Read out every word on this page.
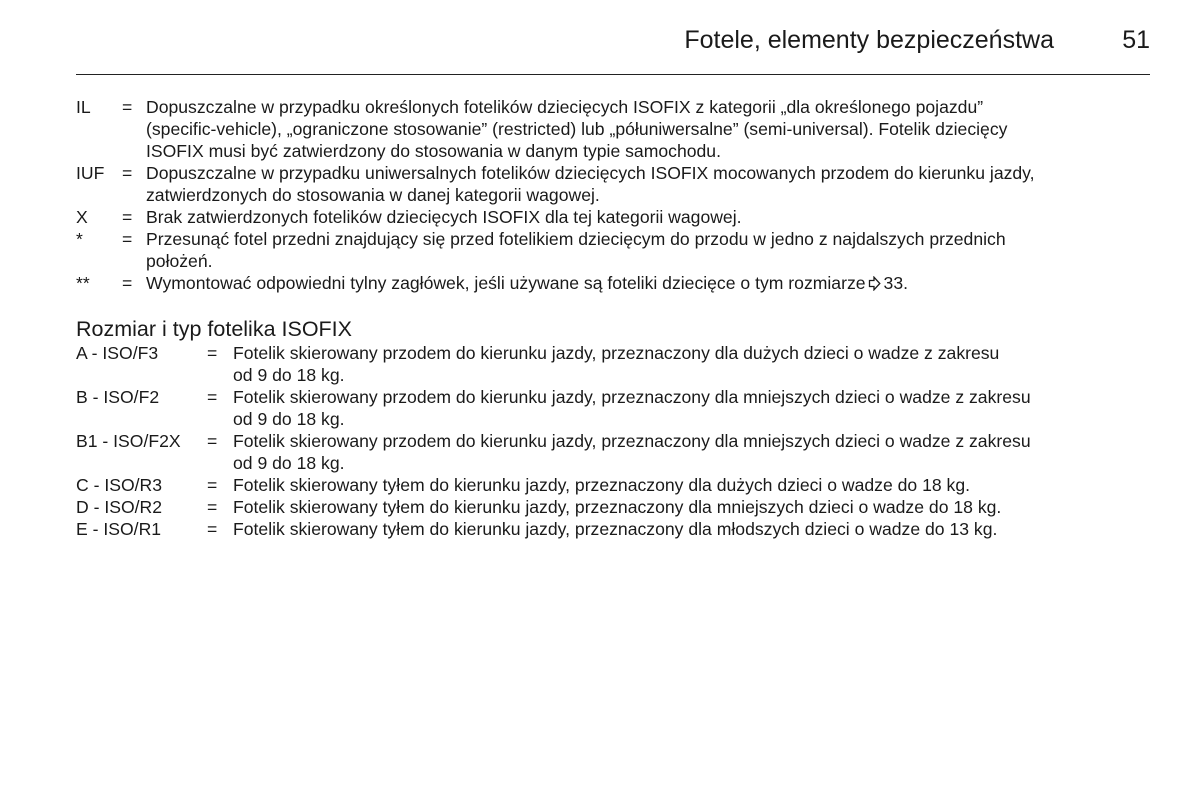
Fotele, elementy bezpieczeństwa	51
IL	= Dopuszczalne w przypadku określonych fotelików dziecięcych ISOFIX z kategorii „dla określonego pojazdu”
(specific-vehicle), „ograniczone stosowanie” (restricted) lub „półuniwersalne” (semi-universal). Fotelik dziecięcy
ISOFIX musi być zatwierdzony do stosowania w danym typie samochodu.
IUF	= Dopuszczalne w przypadku uniwersalnych fotelików dziecięcych ISOFIX mocowanych przodem do kierunku jazdy,
zatwierdzonych do stosowania w danej kategorii wagowej.
X	= Brak zatwierdzonych fotelików dziecięcych ISOFIX dla tej kategorii wagowej.
*	= Przesunąć fotel przedni znajdujący się przed fotelikiem dziecięcym do przodu w jedno z najdalszych przednich
położeń.
**	= Wymontować odpowiedni tylny zagłówek, jeśli używane są foteliki dziecięce o tym rozmiarze 33.
Rozmiar i typ fotelika ISOFIX
A - ISO/F3	= Fotelik skierowany przodem do kierunku jazdy, przeznaczony dla dużych dzieci o wadze z zakresu
od 9 do 18 kg.
B - ISO/F2	= Fotelik skierowany przodem do kierunku jazdy, przeznaczony dla mniejszych dzieci o wadze z zakresu
od 9 do 18 kg.
B1 - ISO/F2X	= Fotelik skierowany przodem do kierunku jazdy, przeznaczony dla mniejszych dzieci o wadze z zakresu
od 9 do 18 kg.
C - ISO/R3	= Fotelik skierowany tyłem do kierunku jazdy, przeznaczony dla dużych dzieci o wadze do 18 kg.
D - ISO/R2	= Fotelik skierowany tyłem do kierunku jazdy, przeznaczony dla mniejszych dzieci o wadze do 18 kg.
E - ISO/R1	= Fotelik skierowany tyłem do kierunku jazdy, przeznaczony dla młodszych dzieci o wadze do 13 kg.
